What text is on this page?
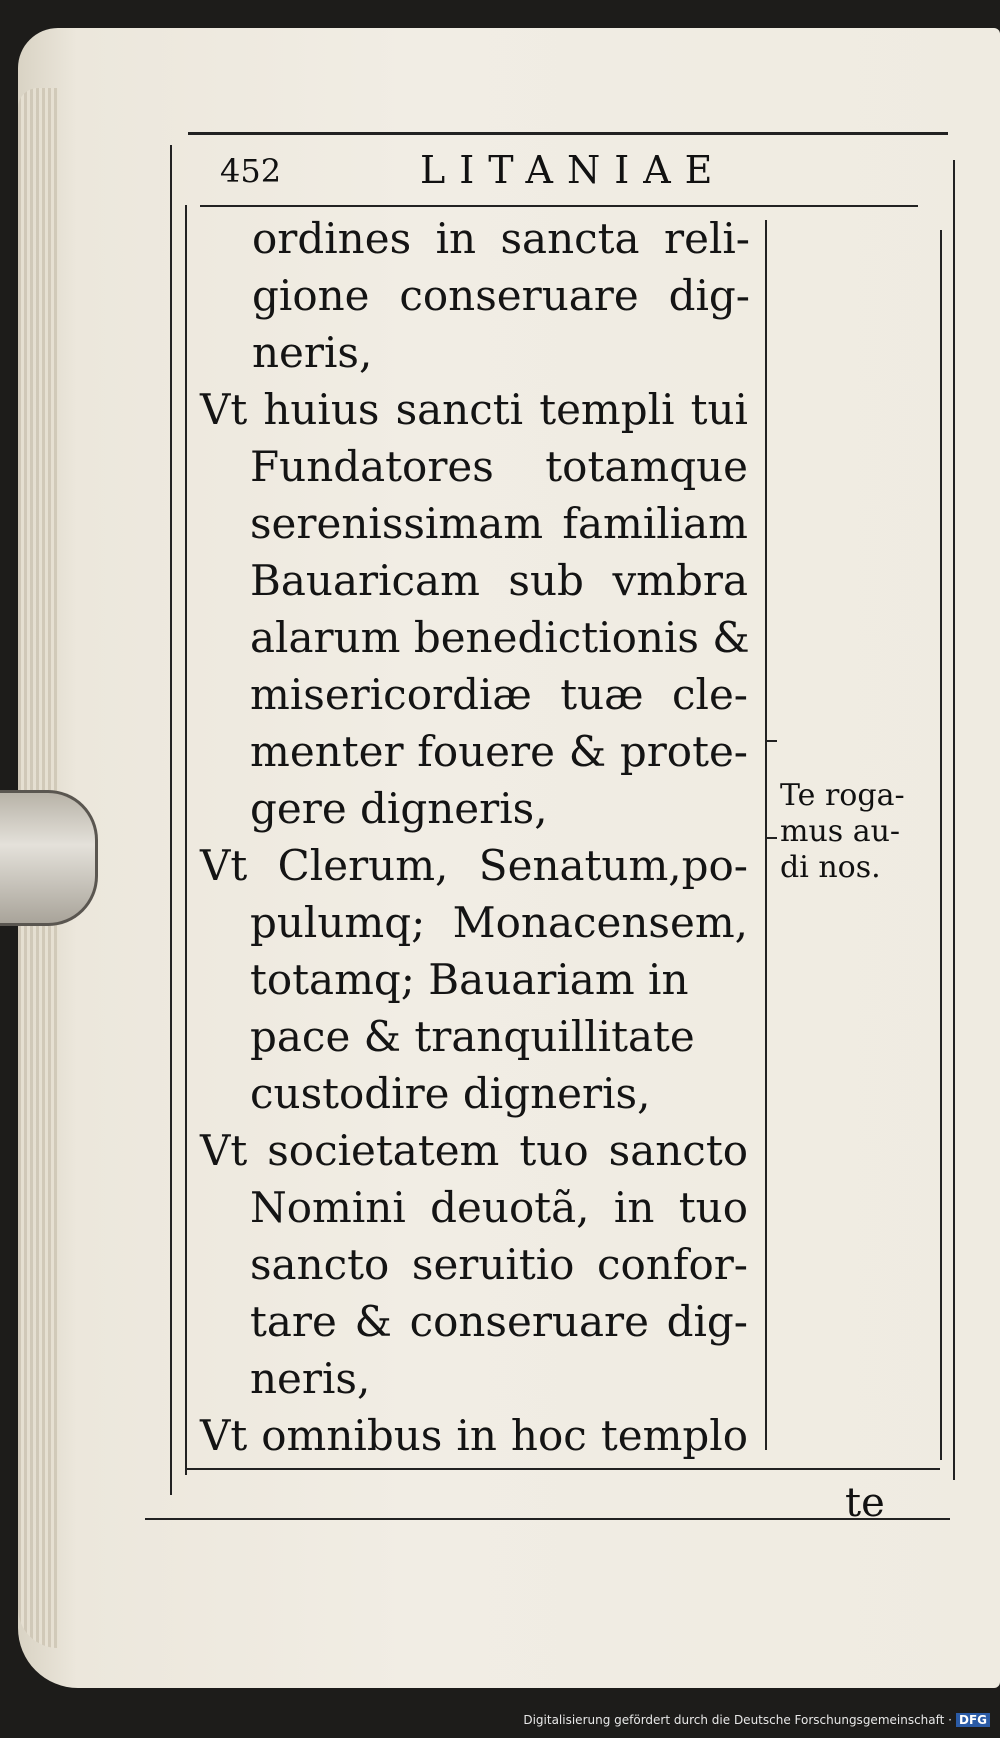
452	LITANIAE
ordines in sancta reli-
gione conseruare dig-
neris,
Vt huius sancti templi tui
Fundatores totamque
serenissimam familiam
Bauaricam sub vmbra
alarum benedictionis &
misericordiæ tuæ cle-
menter fouere & prote-
gere digneris,
Vt Clerum, Senatum,po-
pulumq; Monacensem,
totamq; Bauariam in
pace & tranquillitate
custodire digneris,
Vt societatem tuo sancto
Nomini deuotã, in tuo
sancto seruitio confor-
tare & conseruare dig-
neris,
Vt omnibus in hoc templo
Te roga-
mus au-
di nos.
te
Digitalisierung gefördert durch die Deutsche Forschungsgemeinschaft · DFG
